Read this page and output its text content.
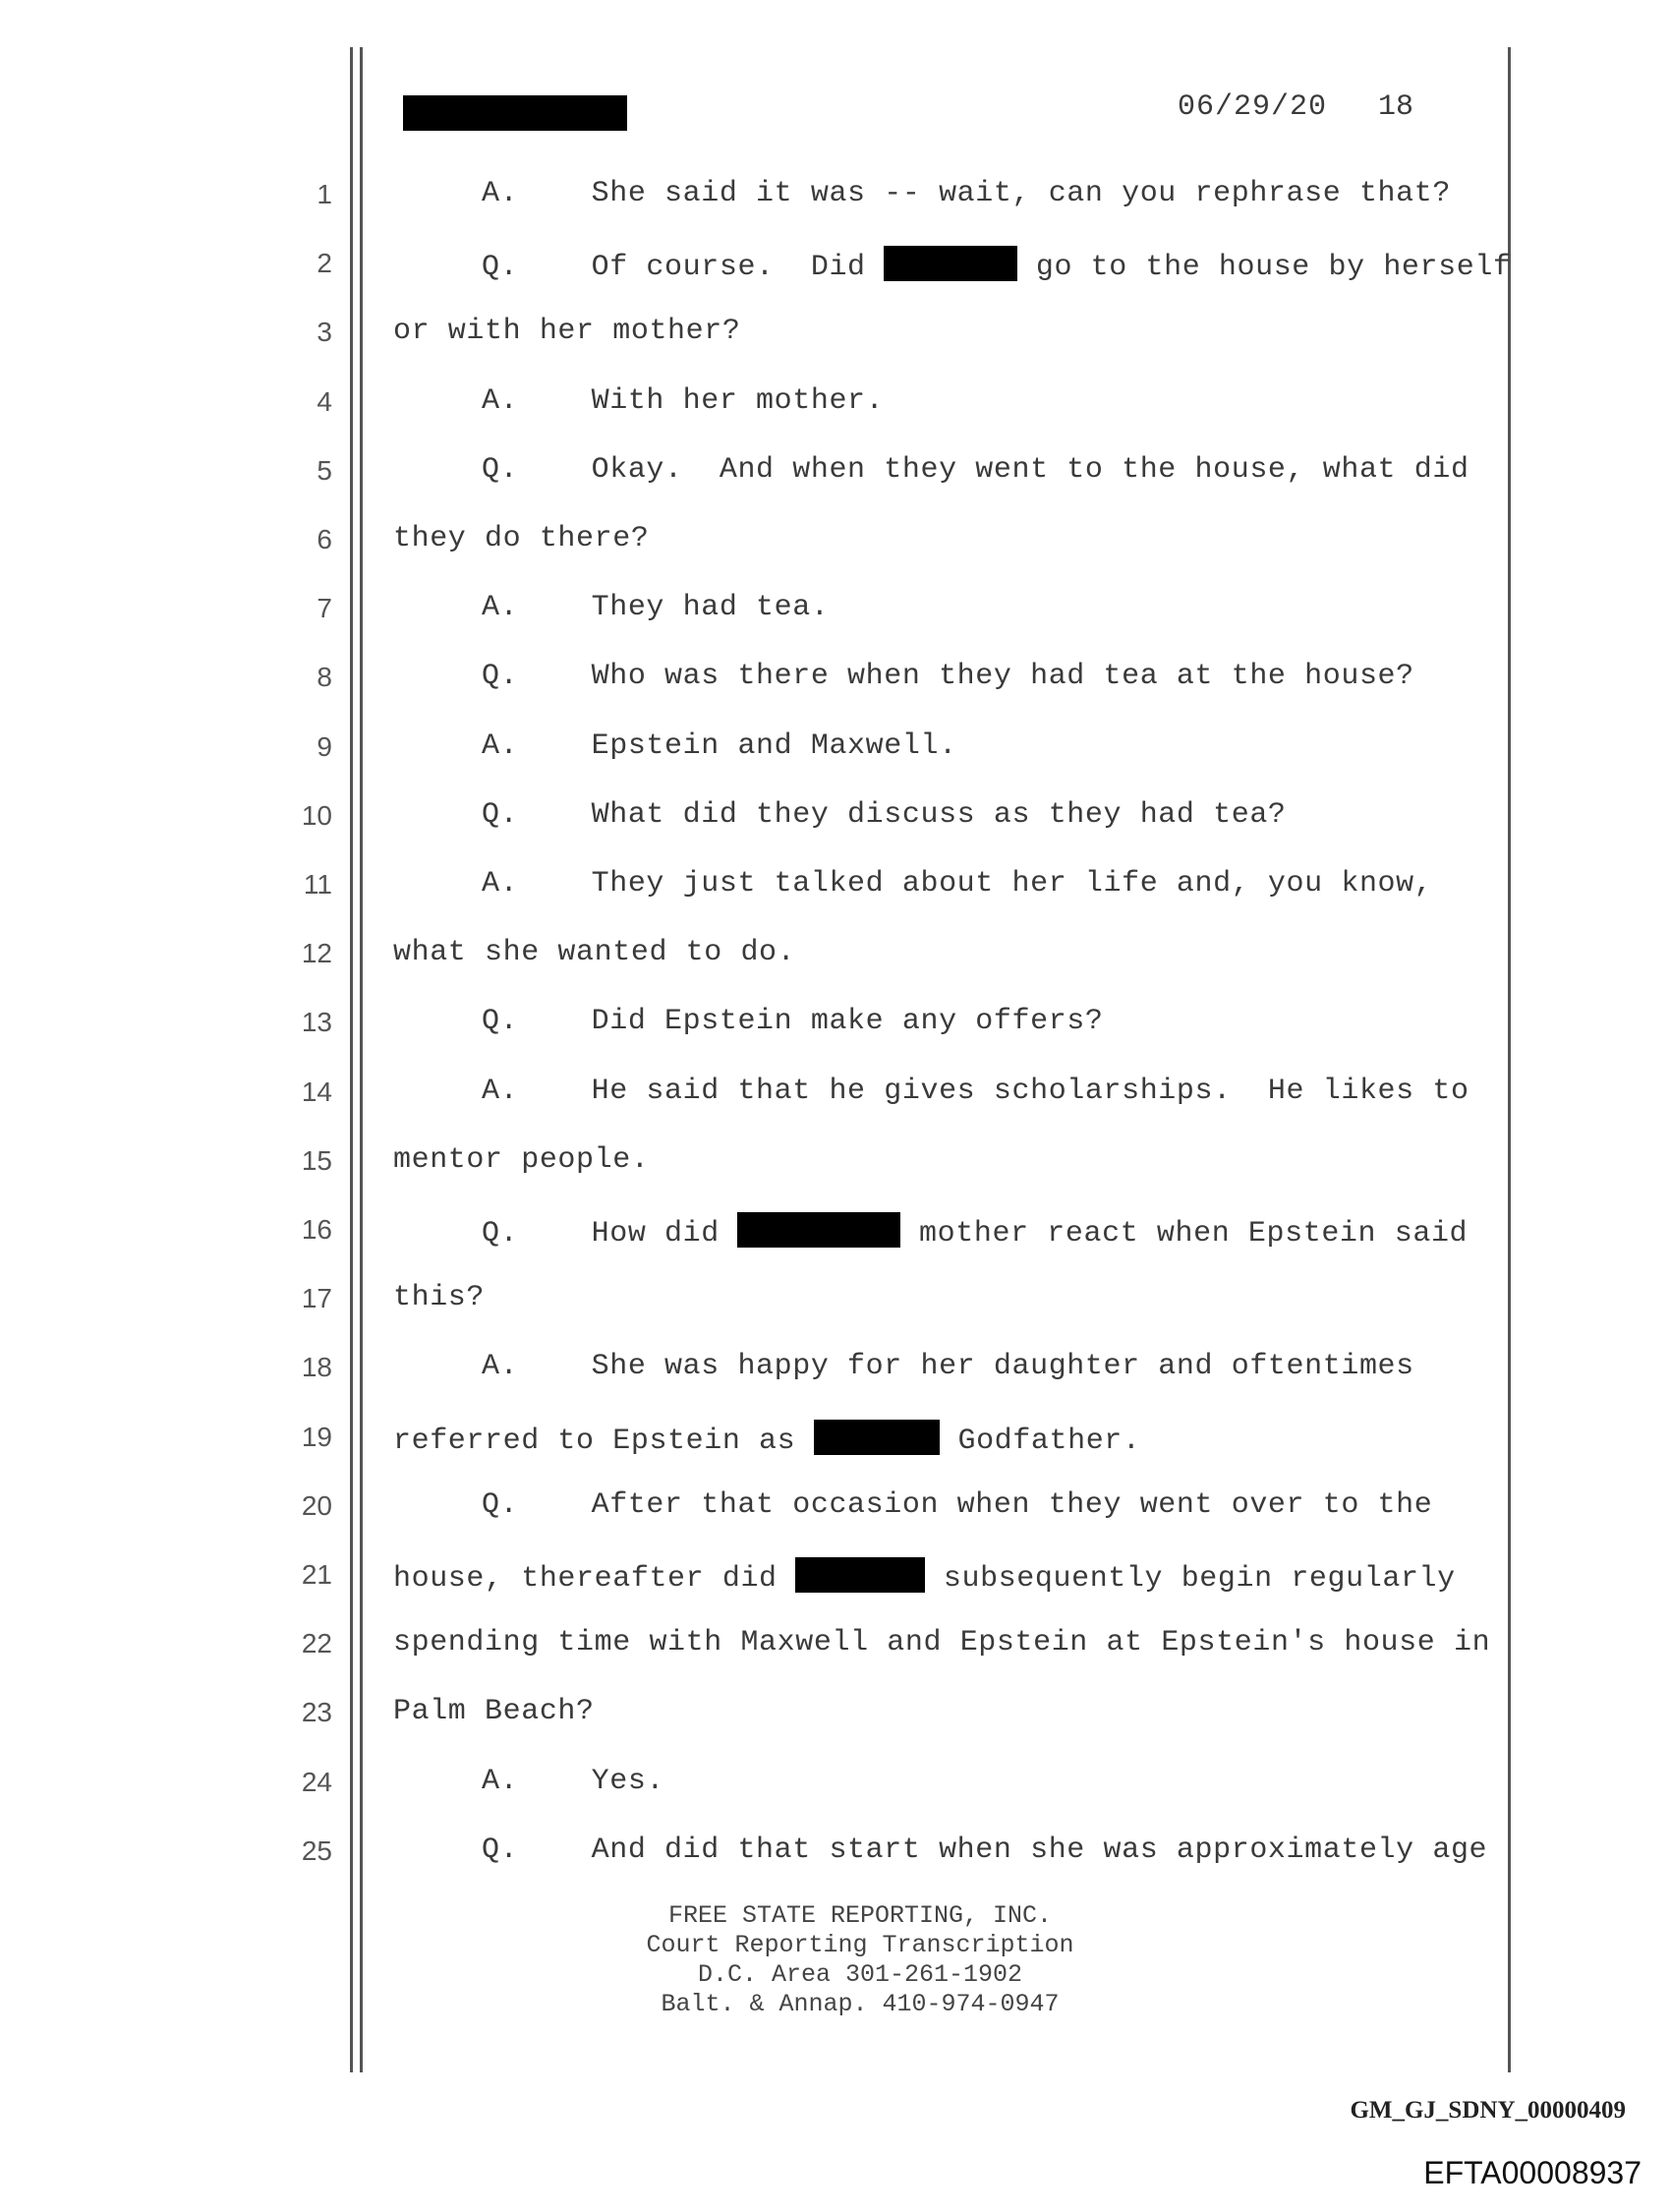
06/29/20 18
1	A.    She said it was -- wait, can you rephrase that?
2	Q.    Of course.  Did	go to the house by herself
3 or with her mother?
4	A.    With her mother.
5	Q.    Okay.  And when they went to the house, what did
6 they do there?
7	A.    They had tea.
8	Q.    Who was there when they had tea at the house?
9	A.    Epstein and Maxwell.
10	Q.    What did they discuss as they had tea?
11	A.    They just talked about her life and, you know,
12 what she wanted to do.
13	Q.    Did Epstein make any offers?
14	A.    He said that he gives scholarships.  He likes to
15 mentor people.
16	Q.    How did	mother react when Epstein said
17 this?
18	A.    She was happy for her daughter and oftentimes
19 referred to Epstein as	Godfather.
20	Q.    After that occasion when they went over to the
21 house, thereafter did	subsequently begin regularly
22 spending time with Maxwell and Epstein at Epstein's house in
23 Palm Beach?
24	A.    Yes.
25	Q.    And did that start when she was approximately age
FREE STATE REPORTING, INC.
Court Reporting Transcription
D.C. Area 301-261-1902
Balt. & Annap. 410-974-0947
GM_GJ_SDNY_00000409
EFTA00008937
